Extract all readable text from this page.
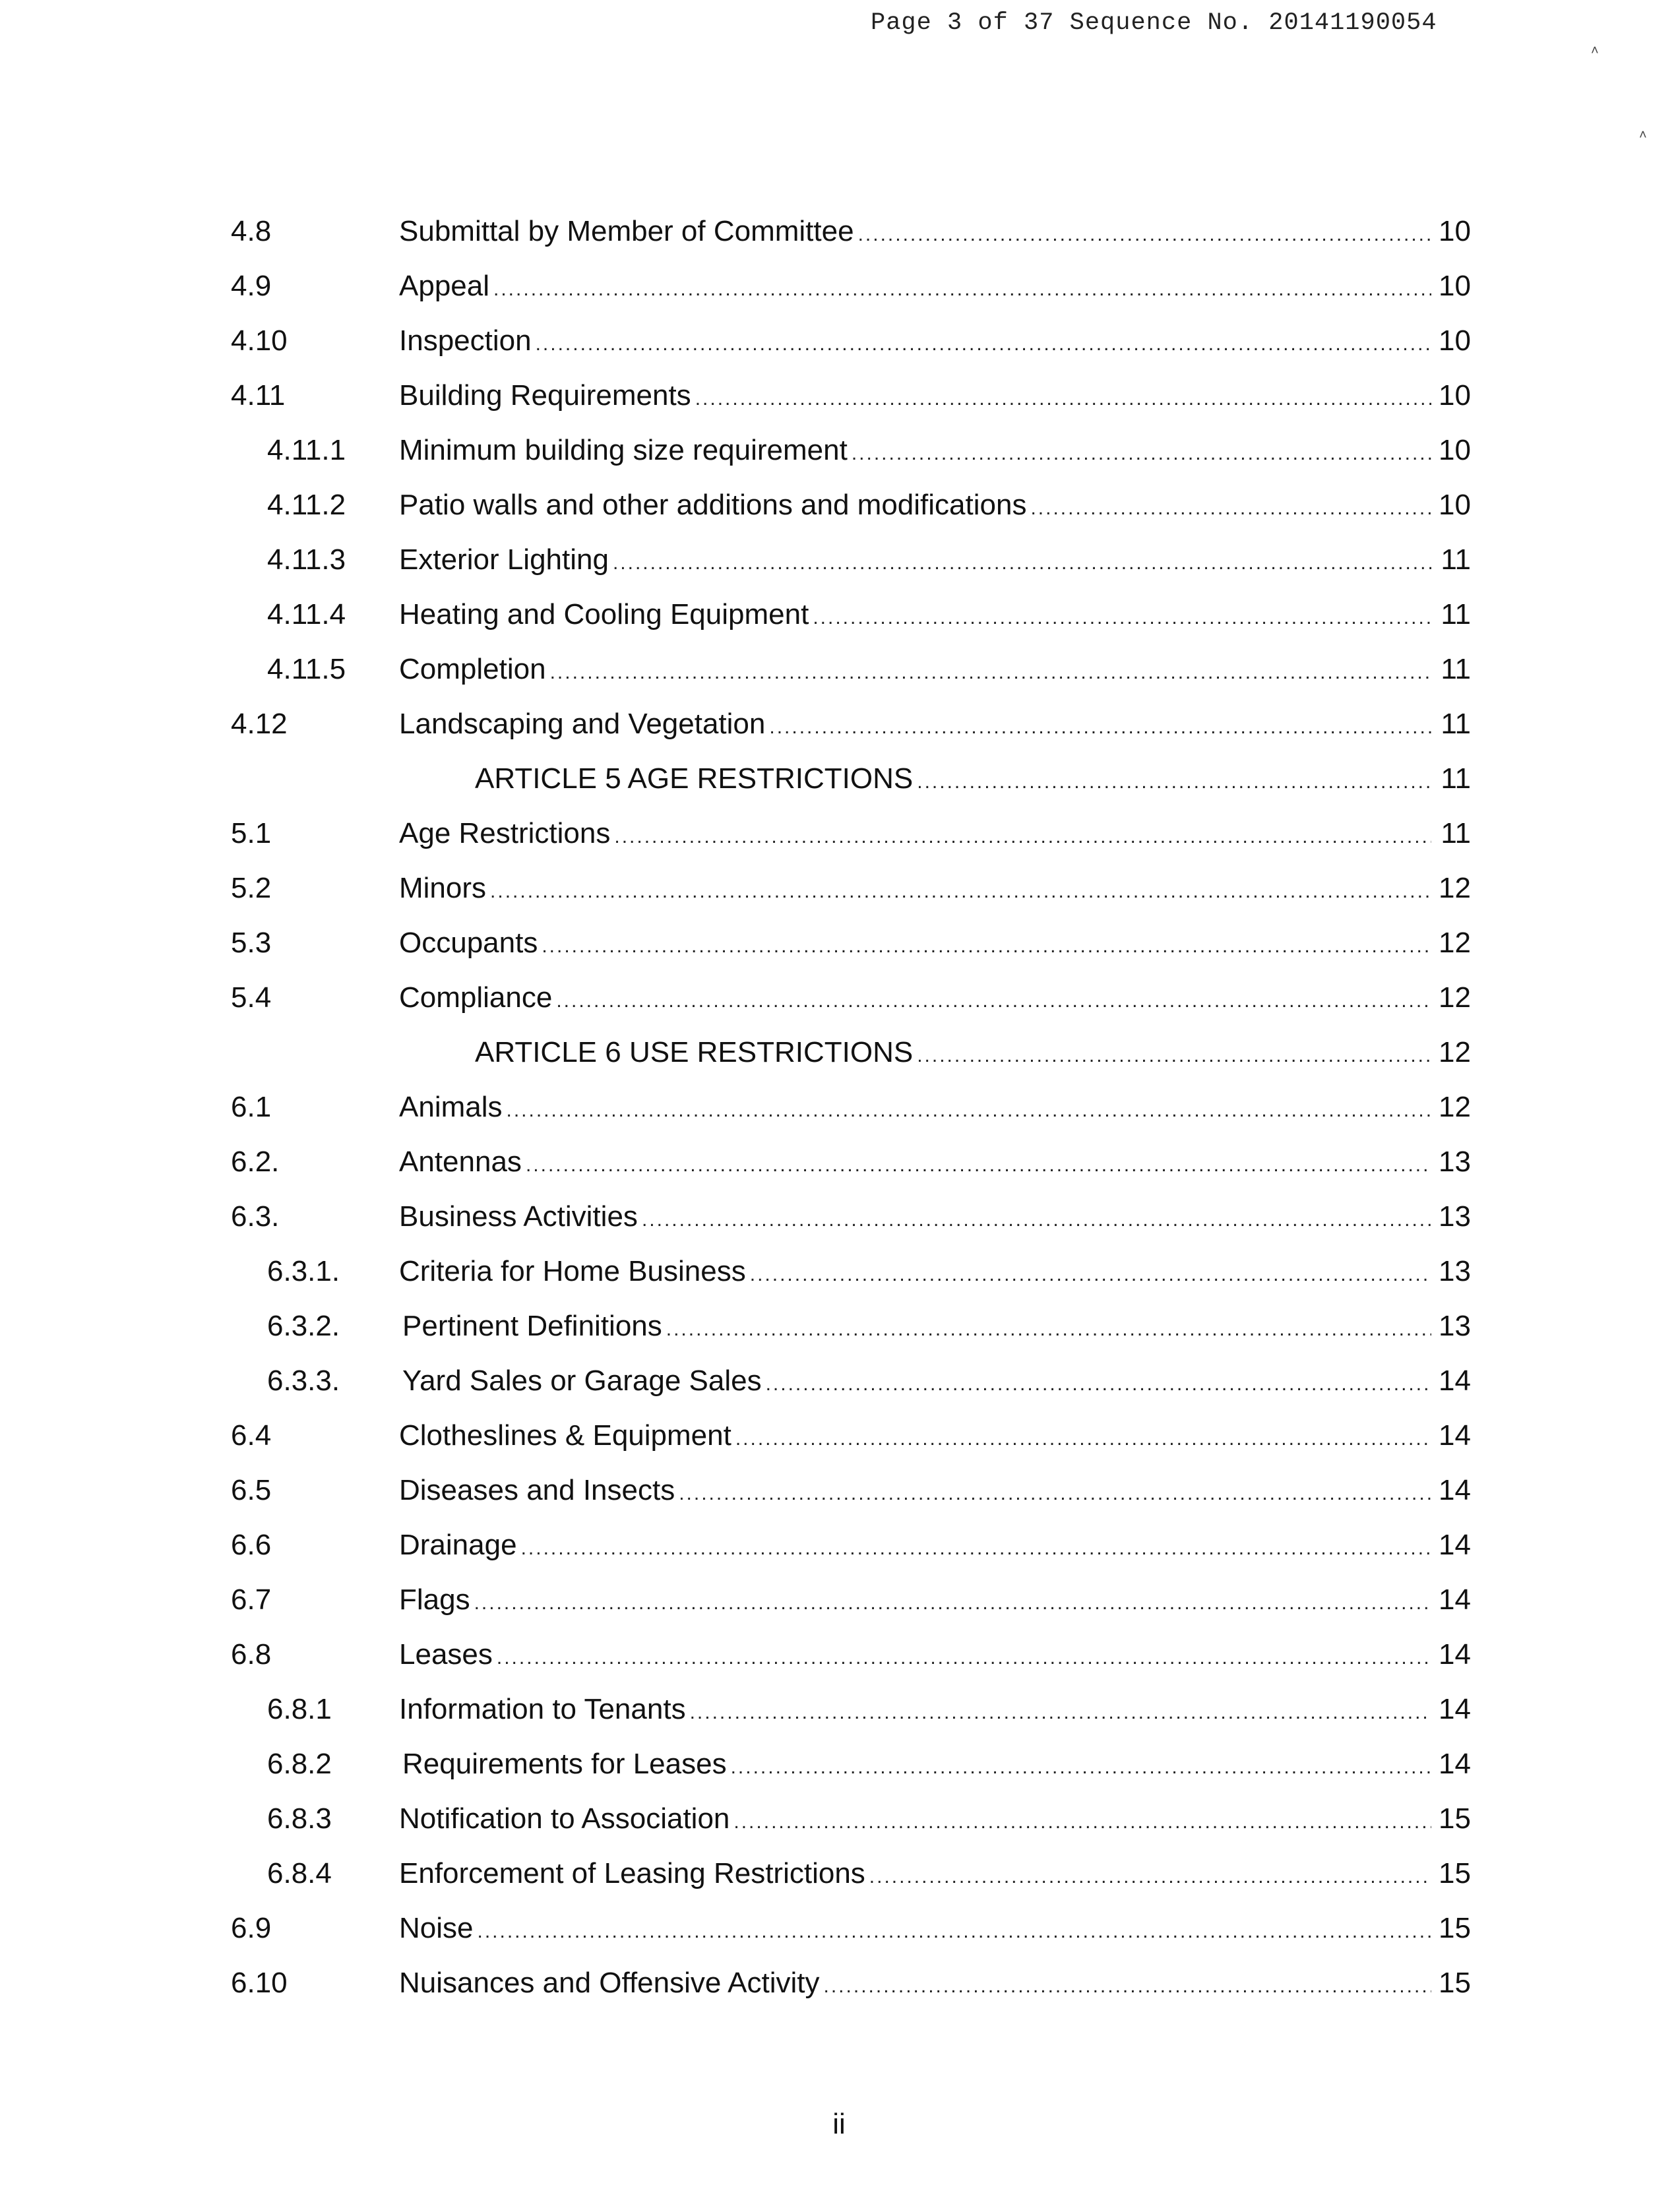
Page 3 of 37 Sequence No. 20141190054
˄
˄
4.8	Submittal by Member of Committee .....	10
4.9	Appeal .....	10
4.10	Inspection .....	10
4.11	Building Requirements .....	10
4.11.1 Minimum building size requirement .....	10
4.11.2 Patio walls and other additions and modifications .....	10
4.11.3 Exterior Lighting .....	11
4.11.4 Heating and Cooling Equipment .....	11
4.11.5 Completion .....	11
4.12	Landscaping and Vegetation .....	11
ARTICLE 5 AGE RESTRICTIONS .....	11
5.1	Age Restrictions .....	11
5.2	Minors .....	12
5.3	Occupants .....	12
5.4	Compliance .....	12
ARTICLE 6 USE RESTRICTIONS .....	12
6.1	Animals .....	12
6.2.	Antennas .....	13
6.3.	Business Activities .....	13
6.3.1. Criteria for Home Business .....	13
6.3.2. Pertinent Definitions .....	13
6.3.3. Yard Sales or Garage Sales .....	14
6.4	Clotheslines & Equipment .....	14
6.5	Diseases and Insects .....	14
6.6	Drainage .....	14
6.7	Flags .....	14
6.8	Leases .....	14
6.8.1 Information to Tenants .....	14
6.8.2 Requirements for Leases .....	14
6.8.3 Notification to Association .....	15
6.8.4 Enforcement of Leasing Restrictions .....	15
6.9	Noise .....	15
6.10	Nuisances and Offensive Activity .....	15
ii
